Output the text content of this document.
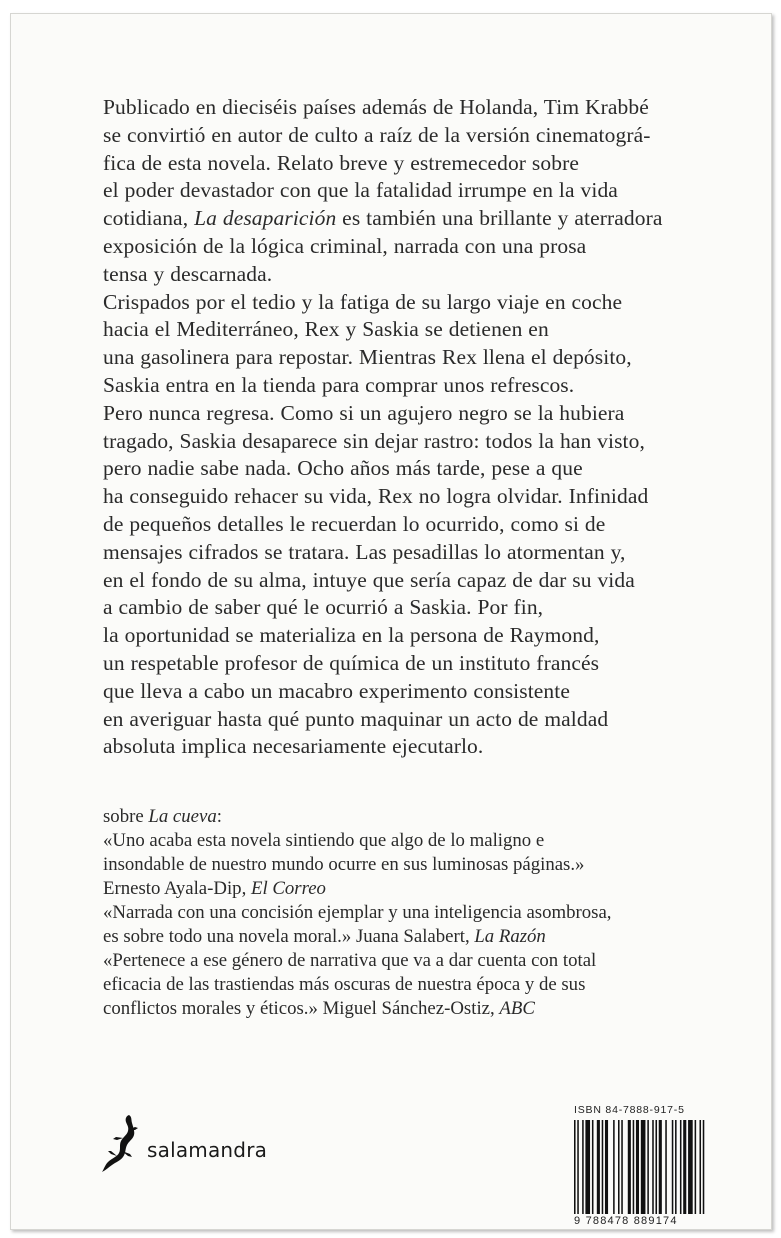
Publicado en dieciséis países además de Holanda, Tim Krabbé
se convirtió en autor de culto a raíz de la versión cinematográ-
fica de esta novela. Relato breve y estremecedor sobre
el poder devastador con que la fatalidad irrumpe en la vida
cotidiana, La desaparición es también una brillante y aterradora
exposición de la lógica criminal, narrada con una prosa
tensa y descarnada.
Crispados por el tedio y la fatiga de su largo viaje en coche
hacia el Mediterráneo, Rex y Saskia se detienen en
una gasolinera para repostar. Mientras Rex llena el depósito,
Saskia entra en la tienda para comprar unos refrescos.
Pero nunca regresa. Como si un agujero negro se la hubiera
tragado, Saskia desaparece sin dejar rastro: todos la han visto,
pero nadie sabe nada. Ocho años más tarde, pese a que
ha conseguido rehacer su vida, Rex no logra olvidar. Infinidad
de pequeños detalles le recuerdan lo ocurrido, como si de
mensajes cifrados se tratara. Las pesadillas lo atormentan y,
en el fondo de su alma, intuye que sería capaz de dar su vida
a cambio de saber qué le ocurrió a Saskia. Por fin,
la oportunidad se materializa en la persona de Raymond,
un respetable profesor de química de un instituto francés
que lleva a cabo un macabro experimento consistente
en averiguar hasta qué punto maquinar un acto de maldad
absoluta implica necesariamente ejecutarlo.
sobre La cueva:
«Uno acaba esta novela sintiendo que algo de lo maligno e
insondable de nuestro mundo ocurre en sus luminosas páginas.»
Ernesto Ayala-Dip, El Correo
«Narrada con una concisión ejemplar y una inteligencia asombrosa,
es sobre todo una novela moral.» Juana Salabert, La Razón
«Pertenece a ese género de narrativa que va a dar cuenta con total
eficacia de las trastiendas más oscuras de nuestra época y de sus
conflictos morales y éticos.» Miguel Sánchez-Ostiz, ABC
salamandra
ISBN 84-7888-917-5
9 788478 889174
